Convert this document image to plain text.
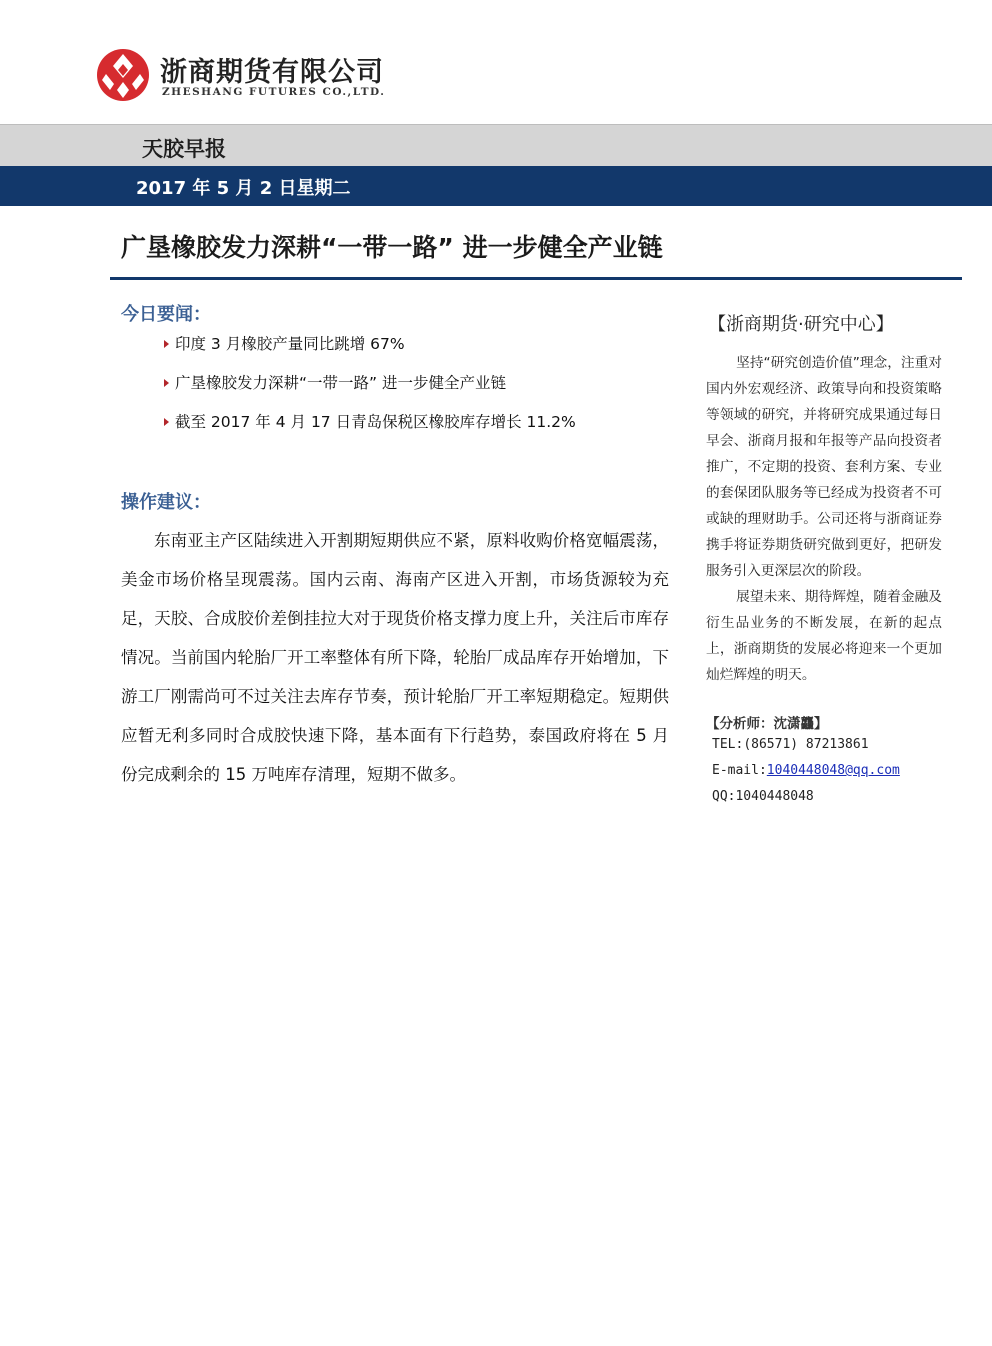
浙商期货有限公司
ZHESHANG FUTURES CO.,LTD.
天胶早报
2017 年 5 月 2 日星期二
广垦橡胶发力深耕“一带一路” 进一步健全产业链
今日要闻：
印度 3 月橡胶产量同比跳增 67%
广垦橡胶发力深耕“一带一路” 进一步健全产业链
截至 2017 年 4 月 17 日青岛保税区橡胶库存增长 11.2%
操作建议：

东南亚主产区陆续进入开割期短期供应不紧，原料收购价格宽幅震荡，美金市场价格呈现震荡。国内云南、海南产区进入开割，市场货源较为充足，天胶、合成胶价差倒挂拉大对于现货价格支撑力度上升，关注后市库存情况。当前国内轮胎厂开工率整体有所下降，轮胎厂成品库存开始增加，下游工厂刚需尚可不过关注去库存节奏，预计轮胎厂开工率短期稳定。短期供应暂无利多同时合成胶快速下降，基本面有下行趋势，泰国政府将在 5 月份完成剩余的 15 万吨库存清理，短期不做多。

【浙商期货·研究中心】

坚持“研究创造价值”理念，注重对国内外宏观经济、政策导向和投资策略等领域的研究，并将研究成果通过每日早会、浙商月报和年报等产品向投资者推广，不定期的投资、套利方案、专业的套保团队服务等已经成为投资者不可或缺的理财助手。公司还将与浙商证券携手将证券期货研究做到更好，把研发服务引入更深层次的阶段。

展望未来、期待辉煌，随着金融及衍生品业务的不断发展，在新的起点上，浙商期货的发展必将迎来一个更加灿烂辉煌的明天。

【分析师：沈潇龘】
TEL:(86571) 87213861
E-mail:1040448048@qq.com
QQ:1040448048
